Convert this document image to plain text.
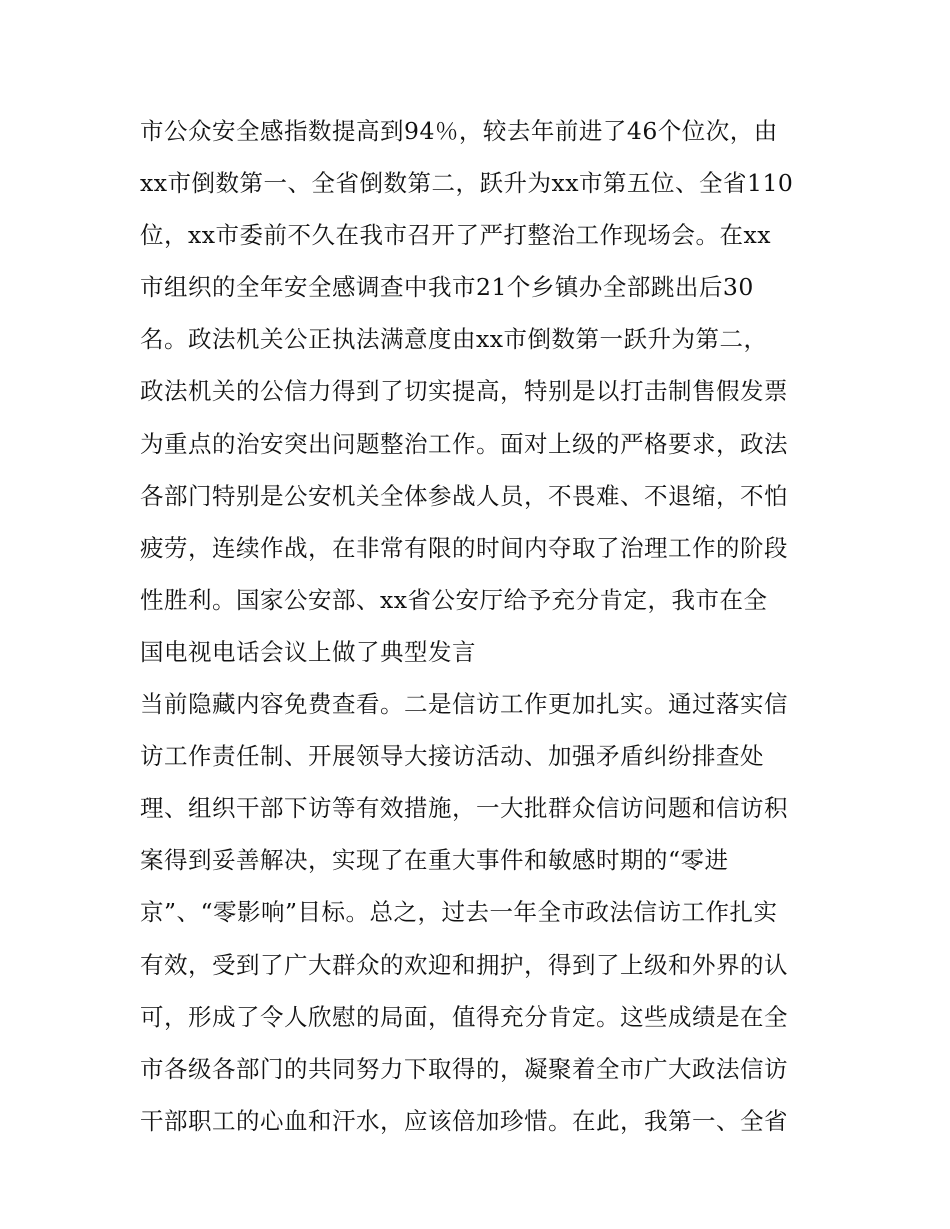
市公众安全感指数提高到94％，较去年前进了46个位次，由
xx市倒数第一、全省倒数第二，跃升为xx市第五位、全省110
位，xx市委前不久在我市召开了严打整治工作现场会。在xx
市组织的全年安全感调查中我市21个乡镇办全部跳出后30
名。政法机关公正执法满意度由xx市倒数第一跃升为第二，
政法机关的公信力得到了切实提高，特别是以打击制售假发票
为重点的治安突出问题整治工作。面对上级的严格要求，政法
各部门特别是公安机关全体参战人员，不畏难、不退缩，不怕
疲劳，连续作战，在非常有限的时间内夺取了治理工作的阶段
性胜利。国家公安部、xx省公安厅给予充分肯定，我市在全
国电视电话会议上做了典型发言
当前隐藏内容免费查看。二是信访工作更加扎实。通过落实信
访工作责任制、开展领导大接访活动、加强矛盾纠纷排查处
理、组织干部下访等有效措施，一大批群众信访问题和信访积
案得到妥善解决，实现了在重大事件和敏感时期的“零进
京”、“零影响”目标。总之，过去一年全市政法信访工作扎实
有效，受到了广大群众的欢迎和拥护，得到了上级和外界的认
可，形成了令人欣慰的局面，值得充分肯定。这些成绩是在全
市各级各部门的共同努力下取得的，凝聚着全市广大政法信访
干部职工的心血和汗水，应该倍加珍惜。在此，我第一、全省
